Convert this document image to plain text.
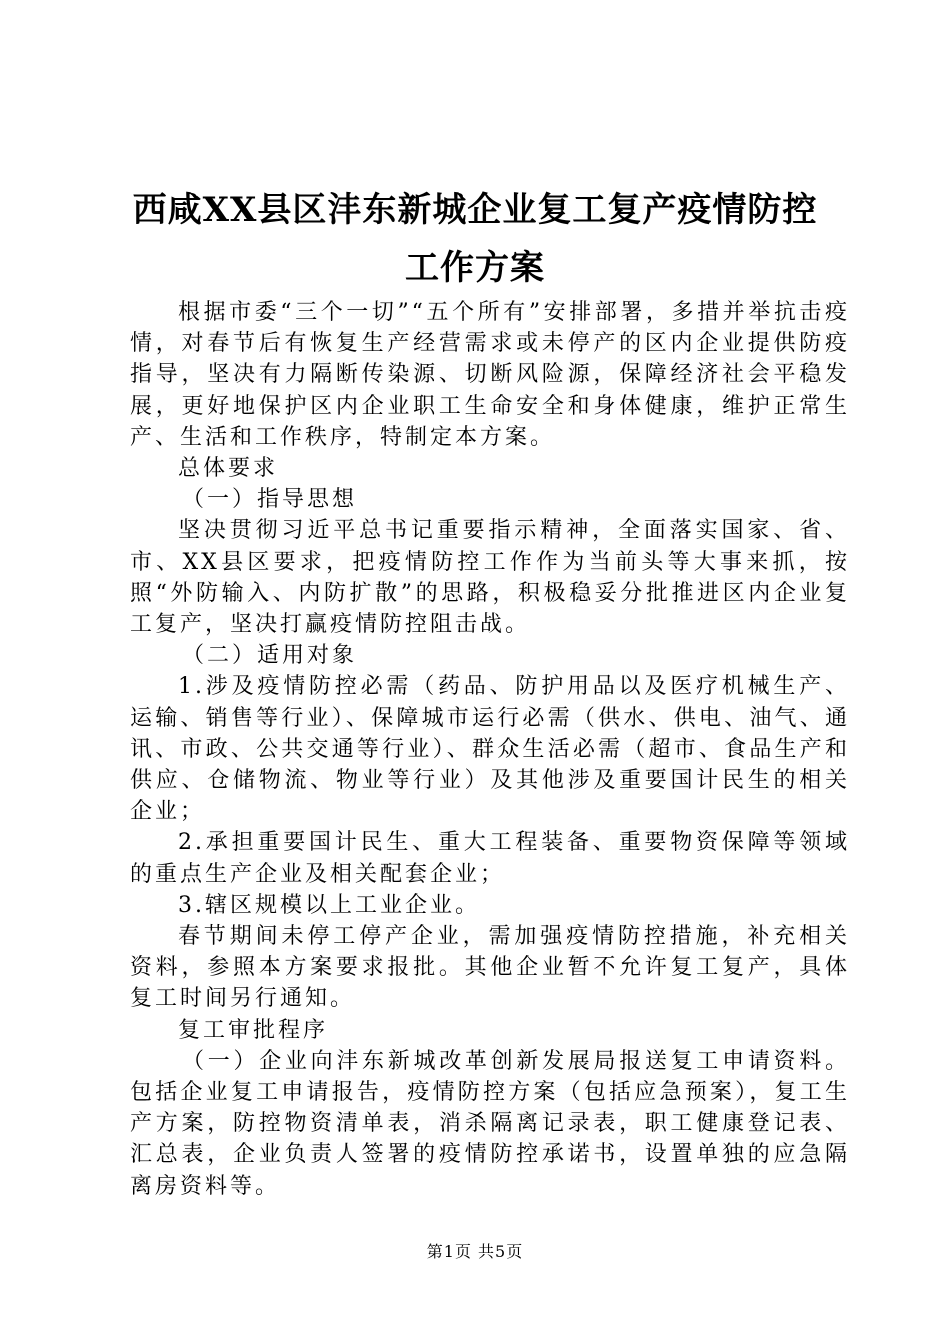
西咸XX县区沣东新城企业复工复产疫情防控
工作方案

根据市委“三个一切”“五个所有”安排部署，多措并举抗击疫情，对春节后有恢复生产经营需求或未停产的区内企业提供防疫指导，坚决有力隔断传染源、切断风险源，保障经济社会平稳发展，更好地保护区内企业职工生命安全和身体健康，维护正常生产、生活和工作秩序，特制定本方案。

总体要求

（一）指导思想

坚决贯彻习近平总书记重要指示精神，全面落实国家、省、市、XX县区要求，把疫情防控工作作为当前头等大事来抓，按照“外防输入、内防扩散”的思路，积极稳妥分批推进区内企业复工复产，坚决打赢疫情防控阻击战。

（二）适用对象

1.涉及疫情防控必需（药品、防护用品以及医疗机械生产、运输、销售等行业）、保障城市运行必需（供水、供电、油气、通讯、市政、公共交通等行业）、群众生活必需（超市、食品生产和供应、仓储物流、物业等行业）及其他涉及重要国计民生的相关企业；

2.承担重要国计民生、重大工程装备、重要物资保障等领域的重点生产企业及相关配套企业；

3.辖区规模以上工业企业。

春节期间未停工停产企业，需加强疫情防控措施，补充相关资料，参照本方案要求报批。其他企业暂不允许复工复产，具体复工时间另行通知。

复工审批程序

（一）企业向沣东新城改革创新发展局报送复工申请资料。包括企业复工申请报告，疫情防控方案（包括应急预案），复工生产方案，防控物资清单表，消杀隔离记录表，职工健康登记表、汇总表，企业负责人签署的疫情防控承诺书，设置单独的应急隔离房资料等。

第1页 共5页
